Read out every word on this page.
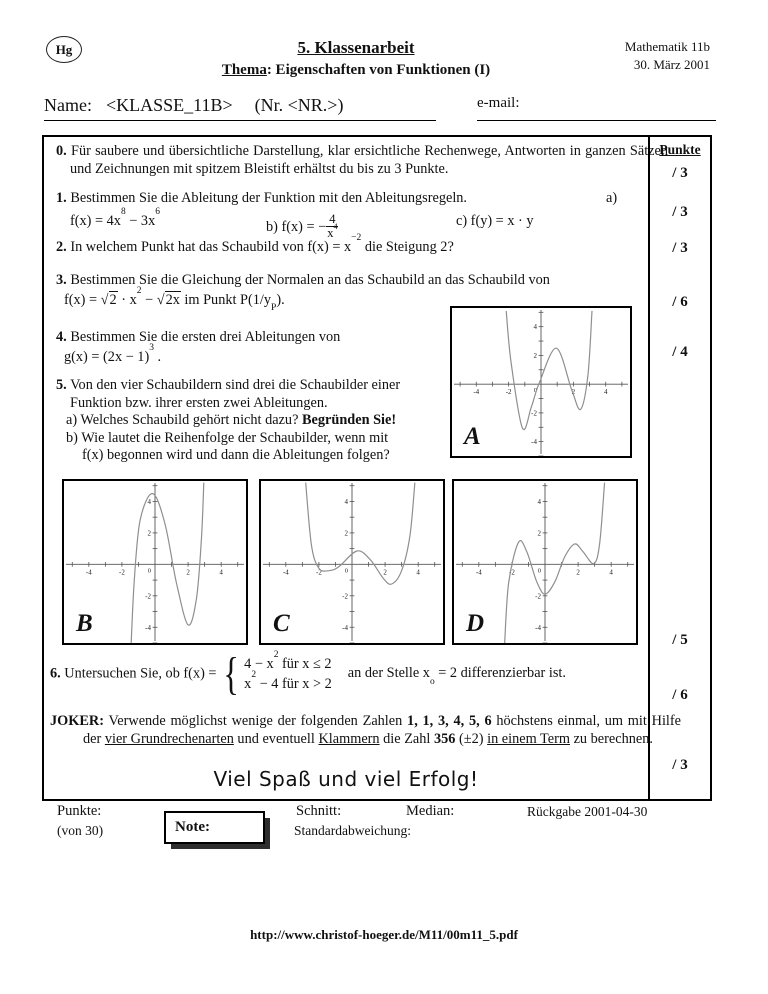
Hg	5. Klassenarbeit
Thema: Eigenschaften von Funktionen (I)
Mathematik 11b
30. März 2001
Name: <KLASSE_11B> (Nr. <NR.>)	e-mail:
0. Für saubere und übersichtliche Darstellung, klar ersichtliche Rechenwege, Antworten in ganzen Sätzen und Zeichnungen mit spitzem Bleistift erhältst du bis zu 3 Punkte.
1. Bestimmen Sie die Ableitung der Funktion mit den Ableitungsregeln.	a)
$f(x) = 4x^8 - 3x^6$
b) f(x) = − $\frac{4}{x^4}$	c) f(y) = x · y
2. In welchem Punkt hat das Schaubild von $f(x) = x^{-2}$ die Steigung 2?
3. Bestimmen Sie die Gleichung der Normalen an das Schaubild an das Schaubild von
$f(x) = √2 \cdot x^2 - √2x$ im Punkt $P(1/y_P)$.
4. Bestimmen Sie die ersten drei Ableitungen von
$g(x) = (2x - 1)^3$ .
5. Von den vier Schaubildern sind drei die Schaubilder einer Funktion bzw. ihrer ersten zwei Ableitungen.
a) Welches Schaubild gehört nicht dazu? Begründen Sie!
b) Wie lautet die Reihenfolge der Schaubilder, wenn mit
f(x) begonnen wird und dann die Ableitungen folgen?
-4	-2	2	4
-4
-2
2
4
0
A
-4	-2	2	4
-4
-2
2
4
0
B
-4	-2	2	4
-4
-2
2
4
0
C
-4	-2	2	4
-4
-2
2
4
0
D
6. Untersuchen Sie, ob f(x) = { $4 - x^2$ für x ≤ 2
$x^2 - 4$ für x > 2
an der Stelle $x_o = 2$ differenzierbar ist.
JOKER: Verwende möglichst wenige der folgenden Zahlen 1, 1, 3, 4, 5, 6 höchstens einmal, um mit Hilfe der vier Grundrechenarten und eventuell Klammern die Zahl 356 (±2) in einem Term zu berechnen.
Viel Spaß und viel Erfolg!
Punkte
/ 3
/ 3
/ 3
/ 6
/ 4
/ 5
/ 6
/ 3
Punkte:
(von 30)	Note:
Schnitt:	Median:
Standardabweichung:
Rückgabe 2001-04-30
http://www.christof-hoeger.de/M11/00m11_5.pdf
